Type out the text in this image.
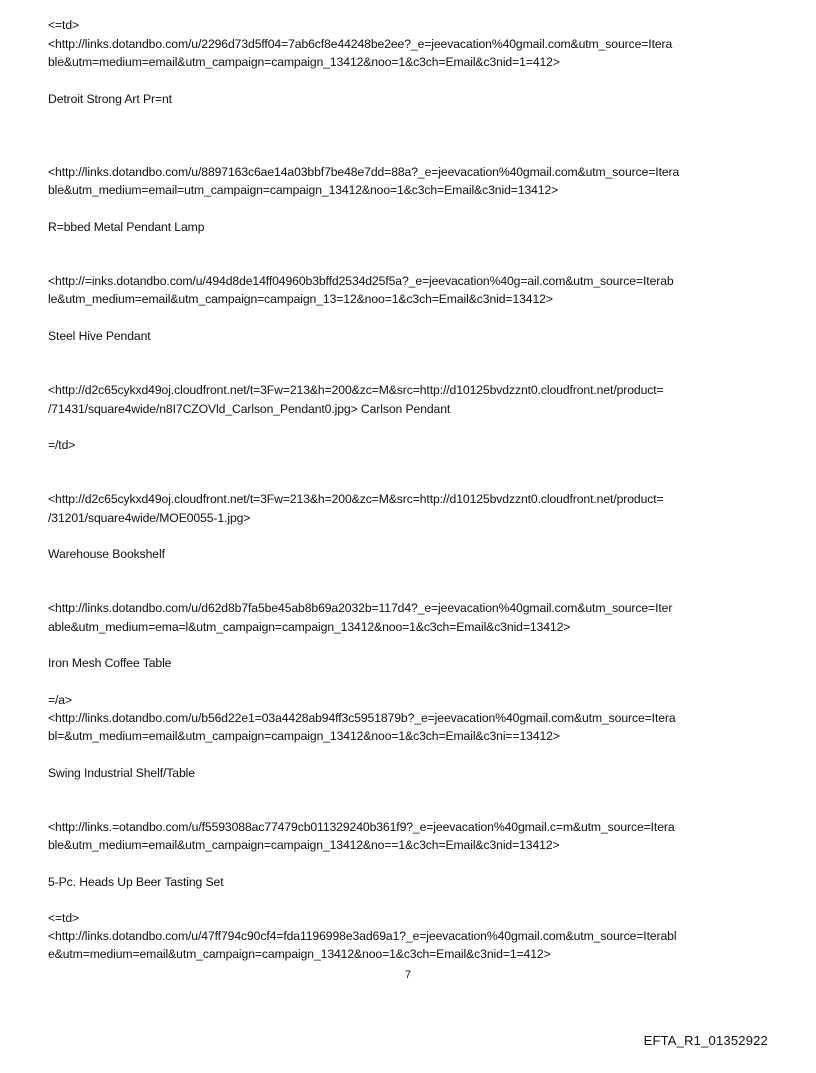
<=td>
<http://links.dotandbo.com/u/2296d73d5ff04=7ab6cf8e44248be2ee?_e=jeevacation%40gmail.com&utm_source=Itera
ble&utm=medium=email&utm_campaign=campaign_13412&noo=1&c3ch=Email&c3nid=1=412>
Detroit Strong Art Pr=nt
<http://links.dotandbo.com/u/8897163c6ae14a03bbf7be48e7dd=88a?_e=jeevacation%40gmail.com&utm_source=Itera
ble&utm_medium=email=utm_campaign=campaign_13412&noo=1&c3ch=Email&c3nid=13412>
R=bbed Metal Pendant Lamp
<http://=inks.dotandbo.com/u/494d8de14ff04960b3bffd2534d25f5a?_e=jeevacation%40g=ail.com&utm_source=Iterab
le&utm_medium=email&utm_campaign=campaign_13=12&noo=1&c3ch=Email&c3nid=13412>
Steel Hive Pendant
<http://d2c65cykxd49oj.cloudfront.net/t=3Fw=213&h=200&zc=M&src=http://d10125bvdzznt0.cloudfront.net/product=
/71431/square4wide/n8I7CZOVld_Carlson_Pendant0.jpg> Carlson Pendant
=/td>
<http://d2c65cykxd49oj.cloudfront.net/t=3Fw=213&h=200&zc=M&src=http://d10125bvdzznt0.cloudfront.net/product=
/31201/square4wide/MOE0055-1.jpg>
Warehouse Bookshelf
<http://links.dotandbo.com/u/d62d8b7fa5be45ab8b69a2032b=117d4?_e=jeevacation%40gmail.com&utm_source=Iter
able&utm_medium=ema=l&utm_campaign=campaign_13412&noo=1&c3ch=Email&c3nid=13412>
Iron Mesh Coffee Table
=/a>
<http://links.dotandbo.com/u/b56d22e1=03a4428ab94ff3c5951879b?_e=jeevacation%40gmail.com&utm_source=Itera
bl=&utm_medium=email&utm_campaign=campaign_13412&noo=1&c3ch=Email&c3ni==13412>
Swing Industrial Shelf/Table
<http://links.=otandbo.com/u/f5593088ac77479cb011329240b361f9?_e=jeevacation%40gmail.c=m&utm_source=Itera
ble&utm_medium=email&utm_campaign=campaign_13412&no==1&c3ch=Email&c3nid=13412>
5-Pc. Heads Up Beer Tasting Set
<=td>
<http://links.dotandbo.com/u/47ff794c90cf4=fda1196998e3ad69a1?_e=jeevacation%40gmail.com&utm_source=Iterabl
e&utm=medium=email&utm_campaign=campaign_13412&noo=1&c3ch=Email&c3nid=1=412>
7
EFTA_R1_01352922
